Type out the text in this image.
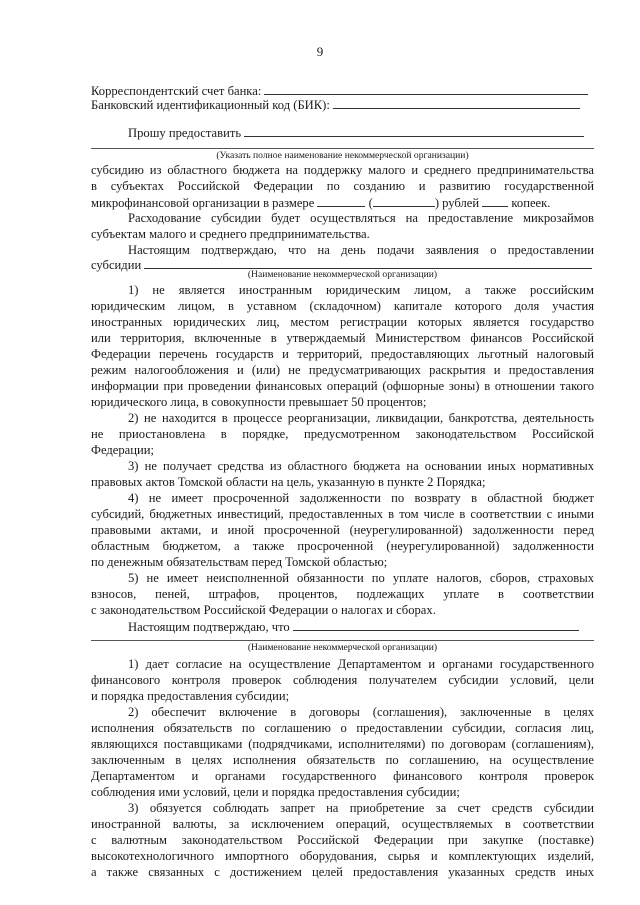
9
Корреспондентский счет банка:
Банковский идентификационный код (БИК):
Прошу предоставить
(Указать полное наименование некоммерческой организации)
субсидию из областного бюджета на поддержку малого и среднего предпринимательства
в субъектах Российской Федерации по созданию и развитию государственной
микрофинансовой организации в размере	(	) рублей  копеек.
Расходование субсидии будет осуществляться на предоставление микрозаймов
субъектам малого и среднего предпринимательства.
Настоящим подтверждаю, что на день подачи заявления о предоставлении
субсидии
(Наименование некоммерческой организации)
1) не является иностранным юридическим лицом, а также российским
юридическим лицом, в уставном (складочном) капитале которого доля участия
иностранных юридических лиц, местом регистрации которых является государство
или территория, включенные в утверждаемый Министерством финансов Российской
Федерации перечень государств и территорий, предоставляющих льготный налоговый
режим налогообложения и (или) не предусматривающих раскрытия и предоставления
информации при проведении финансовых операций (офшорные зоны) в отношении такого
юридического лица, в совокупности превышает 50 процентов;
2) не находится в процессе реорганизации, ликвидации, банкротства, деятельность
не приостановлена в порядке, предусмотренном законодательством Российской
Федерации;
3) не получает средства из областного бюджета на основании иных нормативных
правовых актов Томской области на цель, указанную в пункте 2 Порядка;
4) не имеет просроченной задолженности по возврату в областной бюджет
субсидий, бюджетных инвестиций, предоставленных в том числе в соответствии с иными
правовыми актами, и иной просроченной (неурегулированной) задолженности перед
областным бюджетом, а также просроченной (неурегулированной) задолженности
по денежным обязательствам перед Томской областью;
5) не имеет неисполненной обязанности по уплате налогов, сборов, страховых
взносов, пеней, штрафов, процентов, подлежащих уплате в соответствии
с законодательством Российской Федерации о налогах и сборах.
Настоящим подтверждаю, что
(Наименование некоммерческой организации)
1) дает согласие на осуществление Департаментом и органами государственного
финансового контроля проверок соблюдения получателем субсидии условий, цели
и порядка предоставления субсидии;
2) обеспечит включение в договоры (соглашения), заключенные в целях
исполнения обязательств по соглашению о предоставлении субсидии, согласия лиц,
являющихся поставщиками (подрядчиками, исполнителями) по договорам (соглашениям),
заключенным в целях исполнения обязательств по соглашению, на осуществление
Департаментом и органами государственного финансового контроля проверок
соблюдения ими условий, цели и порядка предоставления субсидии;
3) обязуется соблюдать запрет на приобретение за счет средств субсидии
иностранной валюты, за исключением операций, осуществляемых в соответствии
с валютным законодательством Российской Федерации при закупке (поставке)
высокотехнологичного импортного оборудования, сырья и комплектующих изделий,
а также связанных с достижением целей предоставления указанных средств иных
